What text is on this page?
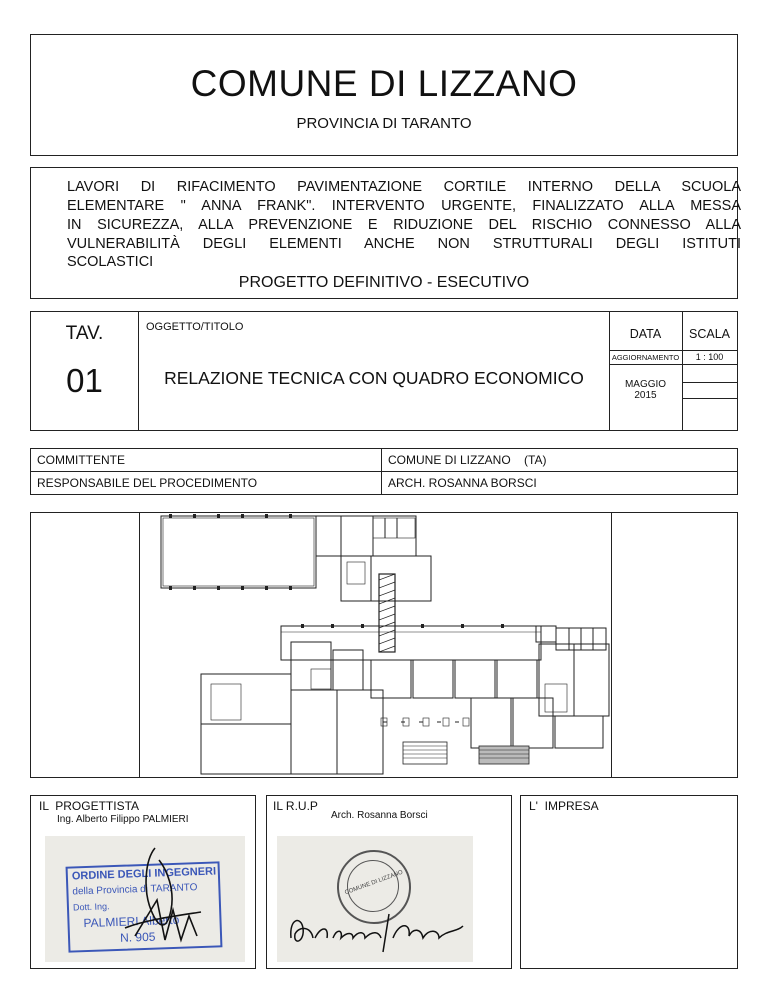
COMUNE DI LIZZANO
PROVINCIA DI TARANTO
LAVORI DI RIFACIMENTO PAVIMENTAZIONE CORTILE INTERNO DELLA SCUOLA
ELEMENTARE " ANNA FRANK". INTERVENTO URGENTE, FINALIZZATO ALLA MESSA
IN SICUREZZA, ALLA PREVENZIONE E RIDUZIONE DEL RISCHIO CONNESSO ALLA
VULNERABILITÀ DEGLI ELEMENTI ANCHE NON STRUTTURALI DEGLI ISTITUTI
SCOLASTICI
PROGETTO DEFINITIVO - ESECUTIVO
TAV.
01
OGGETTO/TITOLO
RELAZIONE TECNICA CON QUADRO ECONOMICO
DATA	SCALA
AGGIORNAMENTO	1 : 100
MAGGIO
2015
COMMITTENTE	COMUNE DI LIZZANO    (TA)
RESPONSABILE DEL PROCEDIMENTO	ARCH. ROSANNA BORSCI
IL  PROGETTISTA
Ing. Alberto Filippo PALMIERI
ORDINE DEGLI INGEGNERI
della Provincia di TARANTO
Dott. Ing.
PALMIERI Alberto
N. 905
IL R.U.P
Arch. Rosanna Borsci
COMUNE DI LIZZANO
L'  IMPRESA
